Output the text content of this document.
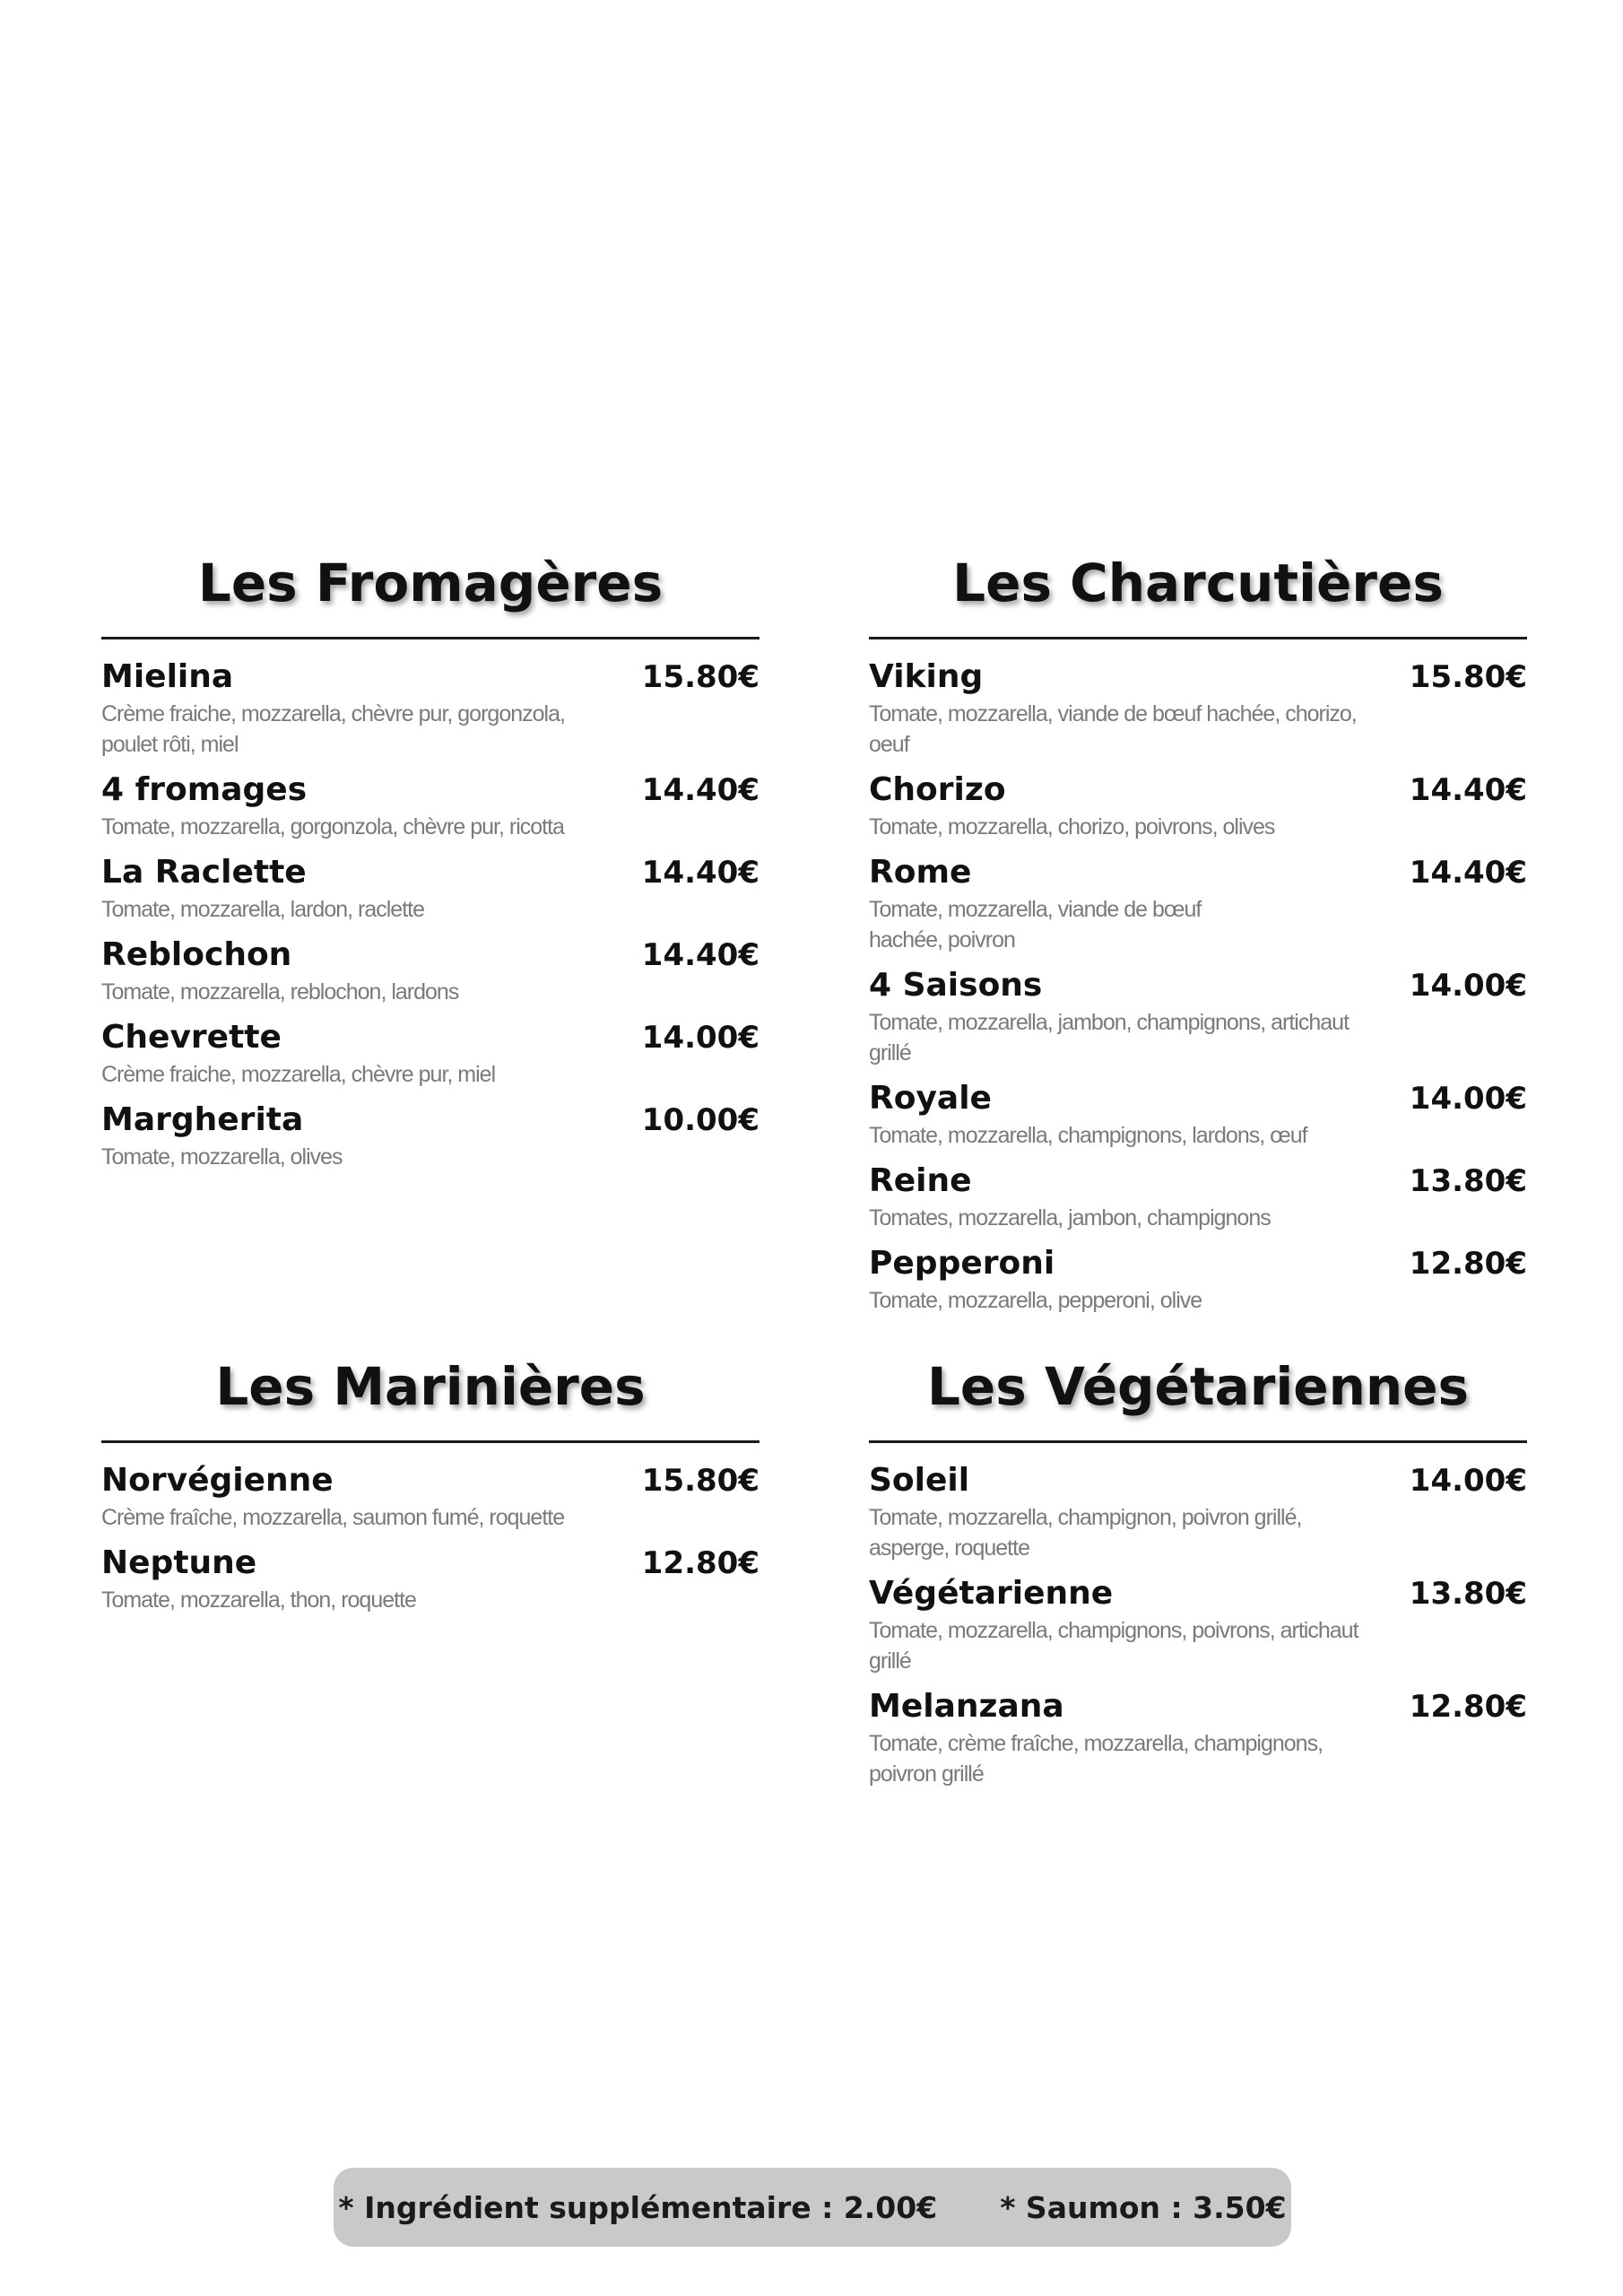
Les Fromagères
Mielina	15.80€
Crème fraiche, mozzarella, chèvre pur, gorgonzola, poulet rôti, miel
4 fromages	14.40€
Tomate, mozzarella, gorgonzola, chèvre pur, ricotta
La Raclette	14.40€
Tomate, mozzarella, lardon, raclette
Reblochon	14.40€
Tomate, mozzarella, reblochon, lardons
Chevrette	14.00€
Crème fraiche, mozzarella, chèvre pur, miel
Margherita	10.00€
Tomate, mozzarella, olives
Les Charcutières
Viking	15.80€
Tomate, mozzarella, viande de bœuf hachée, chorizo, oeuf
Chorizo	14.40€
Tomate, mozzarella, chorizo, poivrons, olives
Rome	14.40€
Tomate, mozzarella, viande de bœuf hachée, poivron
4 Saisons	14.00€
Tomate, mozzarella, jambon, champignons, artichaut grillé
Royale	14.00€
Tomate, mozzarella, champignons, lardons, œuf
Reine	13.80€
Tomates, mozzarella, jambon, champignons
Pepperoni	12.80€
Tomate, mozzarella, pepperoni, olive
Les Marinières
Norvégienne	15.80€
Crème fraîche, mozzarella, saumon fumé, roquette
Neptune	12.80€
Tomate, mozzarella, thon, roquette
Les Végétariennes
Soleil	14.00€
Tomate, mozzarella, champignon, poivron grillé, asperge, roquette
Végétarienne	13.80€
Tomate, mozzarella, champignons, poivrons, artichaut grillé
Melanzana	12.80€
Tomate, crème fraîche, mozzarella, champignons, poivron grillé
* Ingrédient supplémentaire : 2.00€ * Saumon : 3.50€
